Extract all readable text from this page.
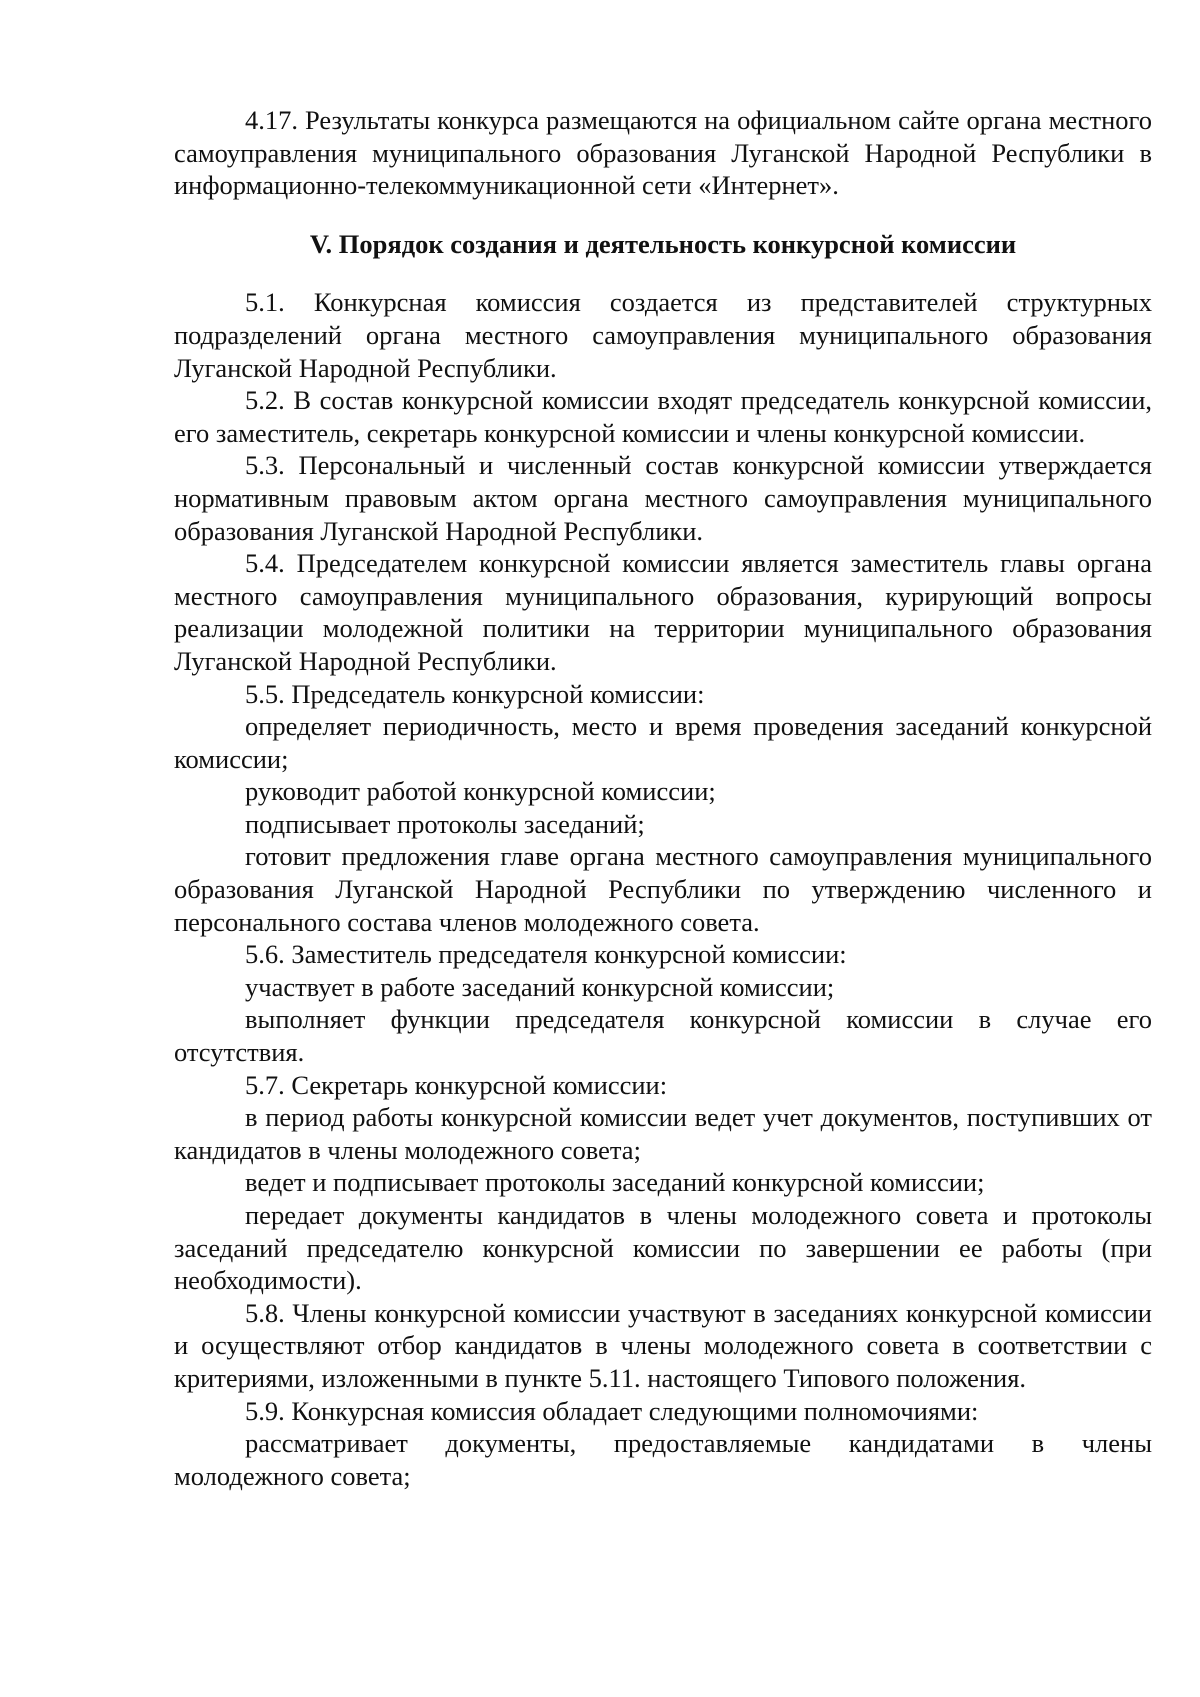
4.17. Результаты конкурса размещаются на официальном сайте органа местного самоуправления муниципального образования Луганской Народной Республики в информационно-телекоммуникационной сети «Интернет».

V. Порядок создания и деятельность конкурсной комиссии

5.1. Конкурсная комиссия создается из представителей структурных подразделений органа местного самоуправления муниципального образования Луганской Народной Республики.

5.2. В состав конкурсной комиссии входят председатель конкурсной комиссии, его заместитель, секретарь конкурсной комиссии и члены конкурсной комиссии.

5.3. Персональный и численный состав конкурсной комиссии утверждается нормативным правовым актом органа местного самоуправления муниципального образования Луганской Народной Республики.

5.4. Председателем конкурсной комиссии является заместитель главы органа местного самоуправления муниципального образования, курирующий вопросы реализации молодежной политики на территории муниципального образования Луганской Народной Республики.

5.5. Председатель конкурсной комиссии:

определяет периодичность, место и время проведения заседаний конкурсной комиссии;

руководит работой конкурсной комиссии;

подписывает протоколы заседаний;

готовит предложения главе органа местного самоуправления муниципального образования Луганской Народной Республики по утверждению численного и персонального состава членов молодежного совета.

5.6. Заместитель председателя конкурсной комиссии:

участвует в работе заседаний конкурсной комиссии;

выполняет функции председателя конкурсной комиссии в случае его отсутствия.

5.7. Секретарь конкурсной комиссии:

в период работы конкурсной комиссии ведет учет документов, поступивших от кандидатов в члены молодежного совета;

ведет и подписывает протоколы заседаний конкурсной комиссии;

передает документы кандидатов в члены молодежного совета и протоколы заседаний председателю конкурсной комиссии по завершении ее работы (при необходимости).

5.8. Члены конкурсной комиссии участвуют в заседаниях конкурсной комиссии и осуществляют отбор кандидатов в члены молодежного совета в соответствии с критериями, изложенными в пункте 5.11. настоящего Типового положения.

5.9. Конкурсная комиссия обладает следующими полномочиями:

рассматривает документы, предоставляемые кандидатами в члены молодежного совета;
